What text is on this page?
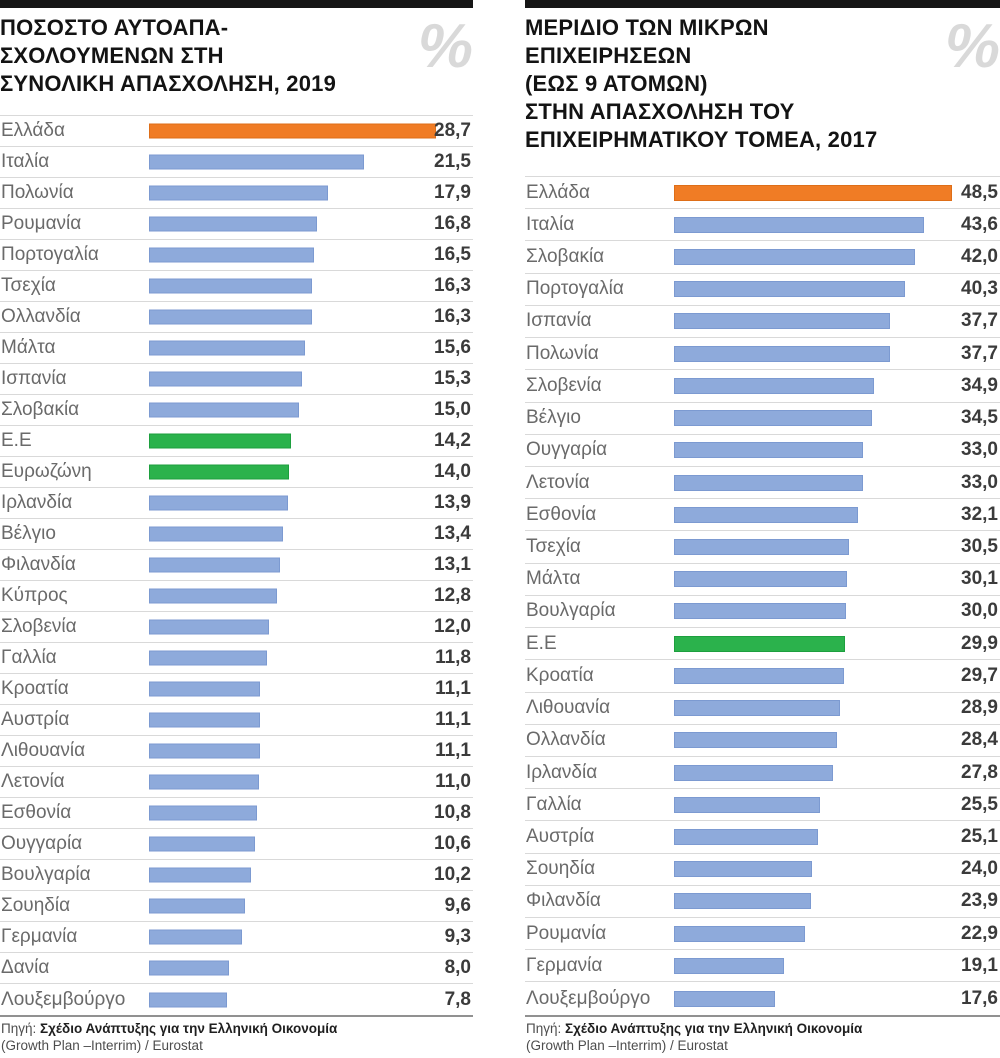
ΠΟΣΟΣΤΟ ΑΥΤΟΑΠΑ-
ΣΧΟΛΟΥΜΕΝΩΝ ΣΤΗ
ΣΥΝΟΛΙΚΗ ΑΠΑΣΧΟΛΗΣΗ, 2019
%
Ελλάδα	28,7
Ιταλία	21,5
Πολωνία	17,9
Ρουμανία	16,8
Πορτογαλία	16,5
Τσεχία	16,3
Ολλανδία	16,3
Μάλτα	15,6
Ισπανία	15,3
Σλοβακία	15,0
Ε.Ε	14,2
Ευρωζώνη	14,0
Ιρλανδία	13,9
Βέλγιο	13,4
Φιλανδία	13,1
Κύπρος	12,8
Σλοβενία	12,0
Γαλλία	11,8
Κροατία	11,1
Αυστρία	11,1
Λιθουανία	11,1
Λετονία	11,0
Εσθονία	10,8
Ουγγαρία	10,6
Βουλγαρία	10,2
Σουηδία	9,6
Γερμανία	9,3
Δανία	8,0
Λουξεμβούργο	7,8
Πηγή: Σχέδιο Ανάπτυξης για την Ελληνική Οικονομία
(Growth Plan –Interrim) / Eurostat
ΜΕΡΙΔΙΟ ΤΩΝ ΜΙΚΡΩΝ
ΕΠΙΧΕΙΡΗΣΕΩΝ
(ΕΩΣ 9 ΑΤΟΜΩΝ)
ΣΤΗΝ ΑΠΑΣΧΟΛΗΣΗ ΤΟΥ
ΕΠΙΧΕΙΡΗΜΑΤΙΚΟΥ ΤΟΜΕΑ, 2017
%
Ελλάδα	48,5
Ιταλία	43,6
Σλοβακία	42,0
Πορτογαλία	40,3
Ισπανία	37,7
Πολωνία	37,7
Σλοβενία	34,9
Βέλγιο	34,5
Ουγγαρία	33,0
Λετονία	33,0
Εσθονία	32,1
Τσεχία	30,5
Μάλτα	30,1
Βουλγαρία	30,0
Ε.Ε	29,9
Κροατία	29,7
Λιθουανία	28,9
Ολλανδία	28,4
Ιρλανδία	27,8
Γαλλία	25,5
Αυστρία	25,1
Σουηδία	24,0
Φιλανδία	23,9
Ρουμανία	22,9
Γερμανία	19,1
Λουξεμβούργο	17,6
Πηγή: Σχέδιο Ανάπτυξης για την Ελληνική Οικονομία
(Growth Plan –Interrim) / Eurostat
